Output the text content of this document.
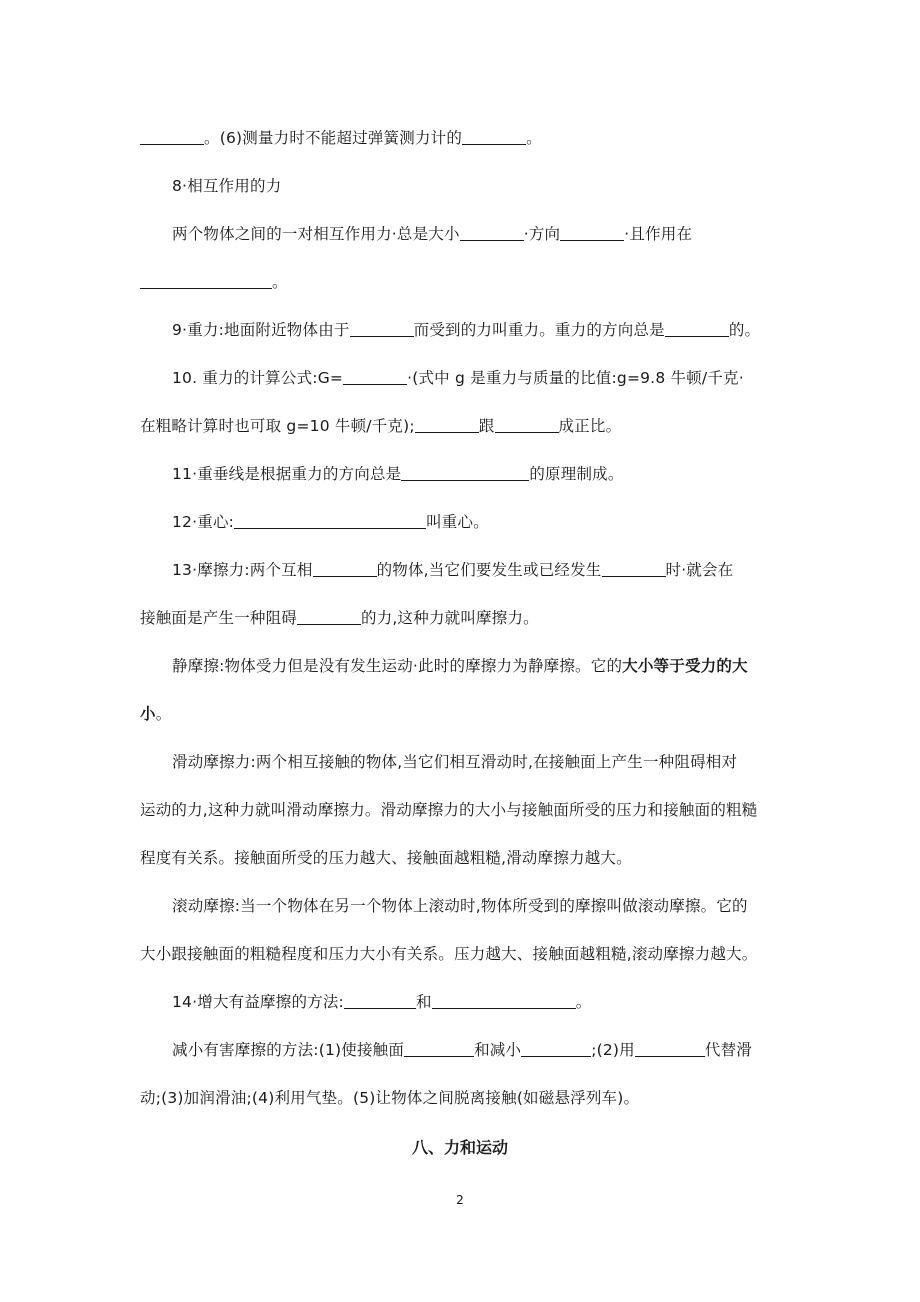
。(6)测量力时不能超过弹簧测力计的	。
8·相互作用的力
两个物体之间的一对相互作用力·总是大小	·方向	·且作用在
。
9·重力:地面附近物体由于	而受到的力叫重力。重力的方向总是	的。
10. 重力的计算公式:G=	·(式中 g 是重力与质量的比值:g=9.8 牛顿/千克·
在粗略计算时也可取 g=10 牛顿/千克);	跟	成正比。
11·重垂线是根据重力的方向总是	的原理制成。
12·重心:	叫重心。
13·摩擦力:两个互相	的物体,当它们要发生或已经发生	时·就会在
接触面是产生一种阻碍	的力,这种力就叫摩擦力。
静摩擦:物体受力但是没有发生运动·此时的摩擦力为静摩擦。它的大小等于受力的大
小。
滑动摩擦力:两个相互接触的物体,当它们相互滑动时,在接触面上产生一种阻碍相对
运动的力,这种力就叫滑动摩擦力。滑动摩擦力的大小与接触面所受的压力和接触面的粗糙
程度有关系。接触面所受的压力越大、接触面越粗糙,滑动摩擦力越大。
滚动摩擦:当一个物体在另一个物体上滚动时,物体所受到的摩擦叫做滚动摩擦。它的
大小跟接触面的粗糙程度和压力大小有关系。压力越大、接触面越粗糙,滚动摩擦力越大。
14·增大有益摩擦的方法:	和	。
减小有害摩擦的方法:(1)使接触面	和减小	;(2)用	代替滑
动;(3)加润滑油;(4)利用气垫。(5)让物体之间脱离接触(如磁悬浮列车)。
八、力和运动
2
